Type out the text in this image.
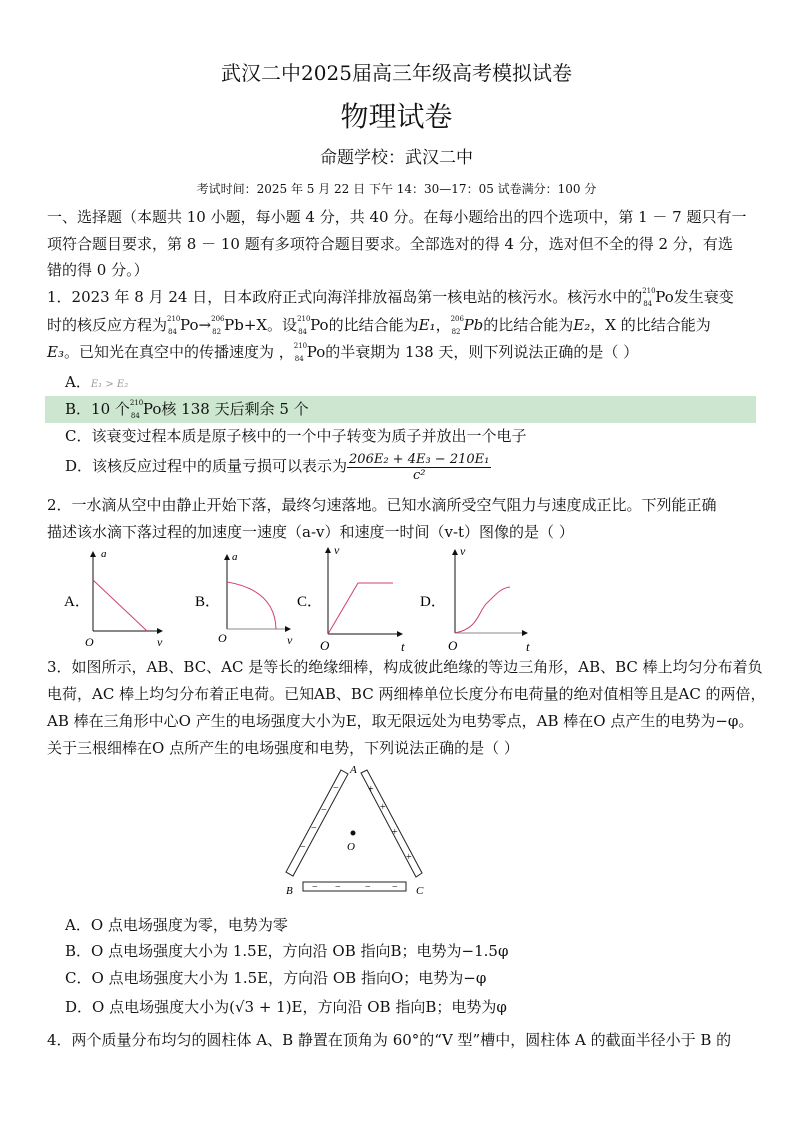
武汉二中2025届高三年级高考模拟试卷
物理试卷
命题学校：武汉二中
考试时间：2025 年 5 月 22 日 下午 14：30—17：05 试卷满分：100 分
一、选择题（本题共 10 小题，每小题 4 分，共 40 分。在每小题给出的四个选项中，第 1 － 7 题只有一
项符合题目要求，第 8 － 10 题有多项符合题目要求。全部选对的得 4 分，选对但不全的得 2 分，有选
错的得 0 分。）
1．2023 年 8 月 24 日，日本政府正式向海洋排放福岛第一核电站的核污水。核污水中的 210
84 Po发生衰变
时的核反应方程为 210
84 Po→ 206
82 Pb+X。设 210
84 Po的比结合能为E₁， 206
82 Pb的比结合能为E₂，X 的比结合能为
E₃。已知光在真空中的传播速度为 ， 210
84 Po的半衰期为 138 天，则下列说法正确的是（ ）
A．E₁ > E₂
B．10 个 210
84 Po核 138 天后剩余 5 个
C．该衰变过程本质是原子核中的一个中子转变为质子并放出一个电子
D．该核反应过程中的质量亏损可以表示为 $\frac{\text{206E₂ + 4E₃ − 210E₁}}{\text{c²}}$
2．一水滴从空中由静止开始下落，最终匀速落地。已知水滴所受空气阻力与速度成正比。下列能正确
描述该水滴下落过程的加速度一速度（a-v）和速度一时间（v-t）图像的是（ ）
A．
a
O	v
B．
a
O	v
C．
v
O	t
D．
v
O	t
3．如图所示，AB、BC、AC 是等长的绝缘细棒，构成彼此绝缘的等边三角形，AB、BC 棒上均匀分布着负
电荷，AC 棒上均匀分布着正电荷。已知AB、BC 两细棒单位长度分布电荷量的绝对值相等且是AC 的两倍，
AB 棒在三角形中心O 产生的电场强度大小为E，取无限远处为电势零点，AB 棒在O 点产生的电势为−φ。
关于三根细棒在O 点所产生的电场强度和电势，下列说法正确的是（ ）
−
−
−
−
+
+
+
+
− − − −
A
B	C
O
A．O 点电场强度为零，电势为零
B．O 点电场强度大小为 1.5E，方向沿 OB 指向B；电势为−1.5φ
C．O 点电场强度大小为 1.5E，方向沿 OB 指向O；电势为−φ
D．O 点电场强度大小为(√3 + 1)E，方向沿 OB 指向B；电势为φ
4．两个质量分布均匀的圆柱体 A、B 静置在顶角为 60°的“V 型”槽中，圆柱体 A 的截面半径小于 B 的
